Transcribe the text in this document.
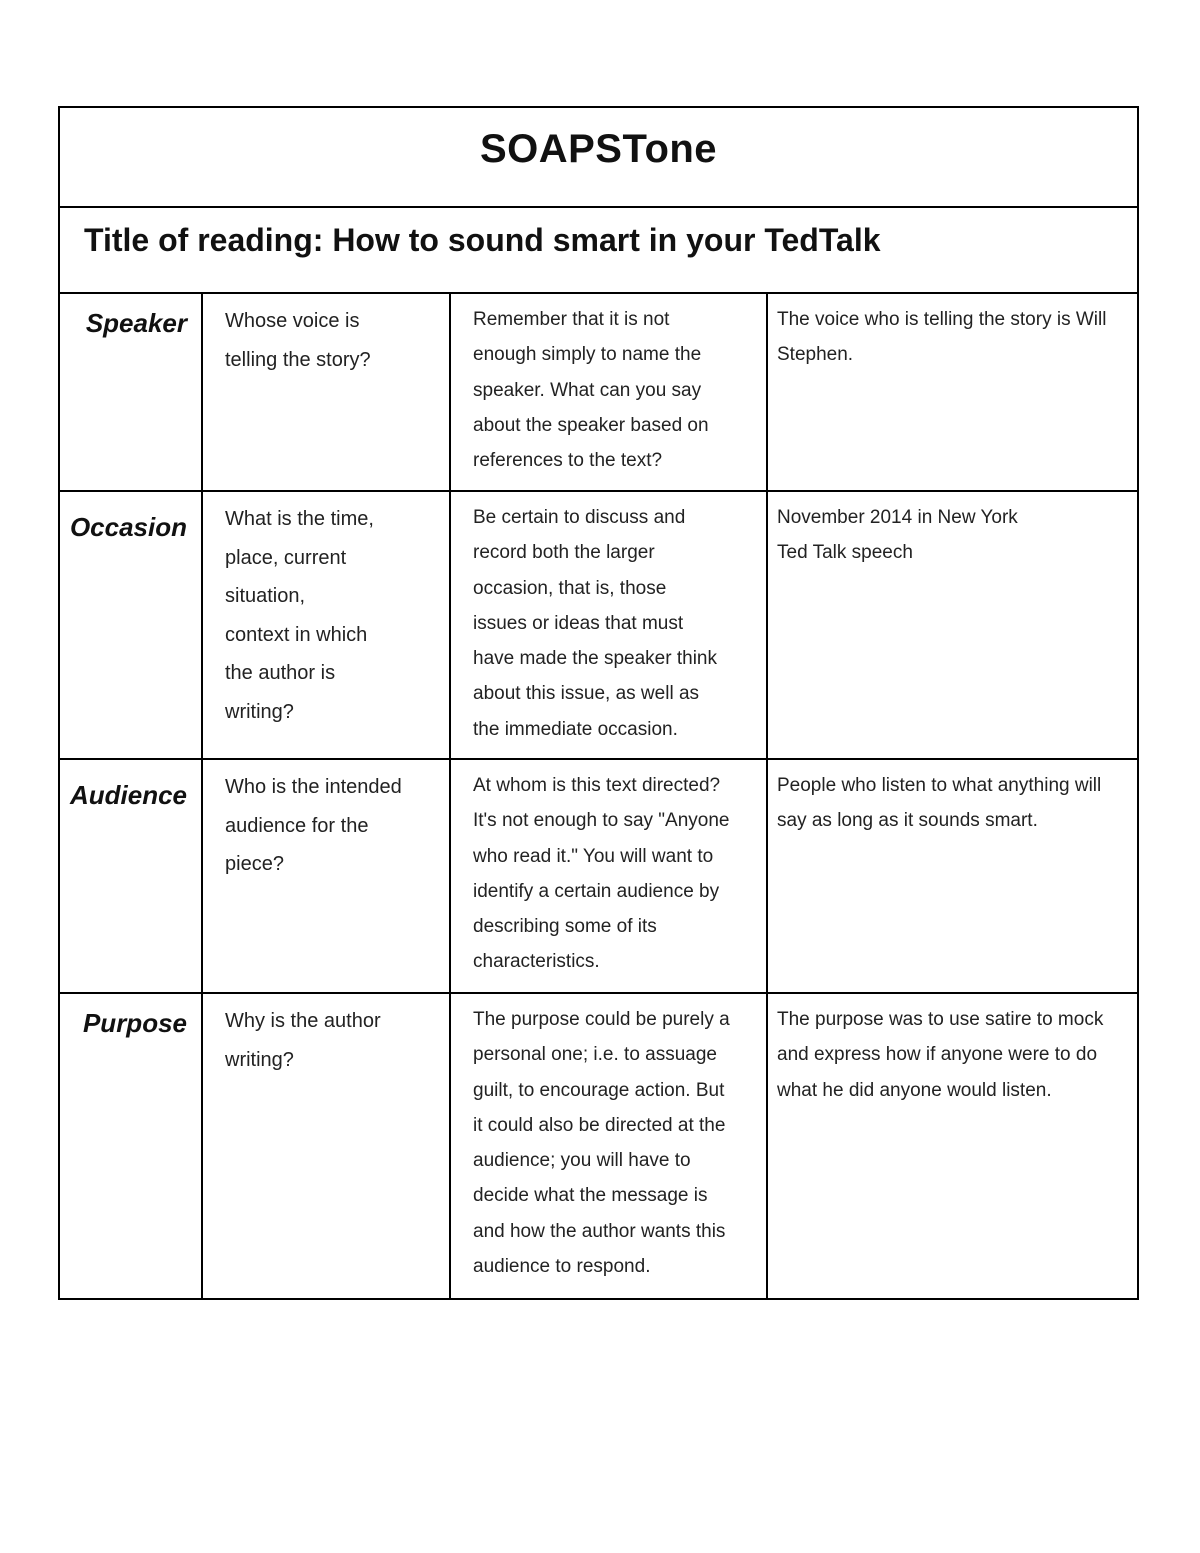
SOAPSTone
Title of reading: How to sound smart in your TedTalk
Speaker Whose voice is
telling the story?
Remember that it is not
enough simply to name the
speaker. What can you say
about the speaker based on
references to the text?
The voice who is telling the story is Will
Stephen.
Occasion What is the time,
place, current
situation,
context in which
the author is
writing?
Be certain to discuss and
record both the larger
occasion, that is, those
issues or ideas that must
have made the speaker think
about this issue, as well as
the immediate occasion.
November 2014 in New York
Ted Talk speech
Audience Who is the intended
audience for the
piece?
At whom is this text directed?
It's not enough to say "Anyone
who read it." You will want to
identify a certain audience by
describing some of its
characteristics.
People who listen to what anything will
say as long as it sounds smart.
Purpose Why is the author
writing?
The purpose could be purely a
personal one; i.e. to assuage
guilt, to encourage action. But
it could also be directed at the
audience; you will have to
decide what the message is
and how the author wants this
audience to respond.
The purpose was to use satire to mock
and express how if anyone were to do
what he did anyone would listen.
